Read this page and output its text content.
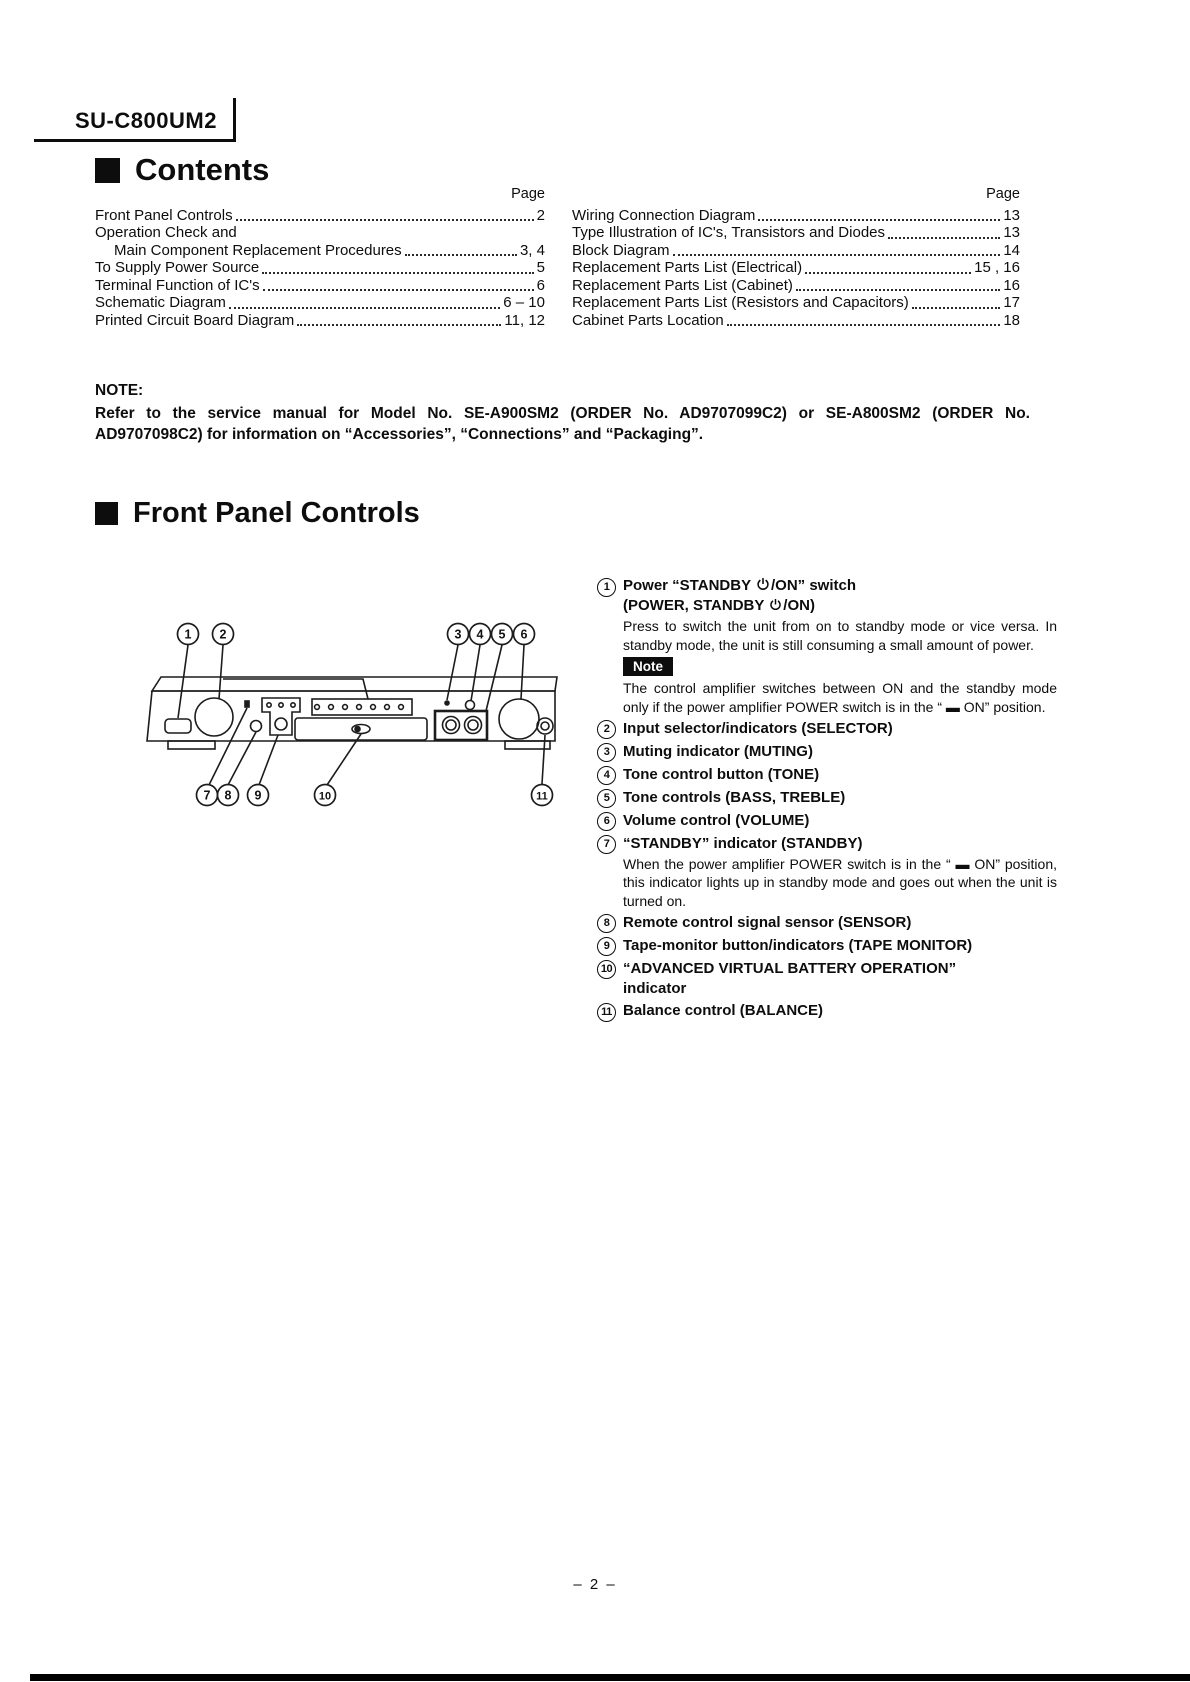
SU-C800UM2
Contents
Page
Front Panel Controls	2
Operation Check and
Main Component Replacement Procedures	3, 4
To Supply Power Source	5
Terminal Function of IC's	6
Schematic Diagram	6 – 10
Printed Circuit Board Diagram	11, 12
Page
Wiring Connection Diagram	13
Type Illustration of IC's, Transistors and Diodes	13
Block Diagram	14
Replacement Parts List (Electrical)	15 , 16
Replacement Parts List (Cabinet)	16
Replacement Parts List (Resistors and Capacitors)	17
Cabinet Parts Location	18
NOTE:
Refer to the service manual for Model No. SE-A900SM2 (ORDER No. AD9707099C2) or SE-A800SM2 (ORDER No. AD9707098C2) for information on “Accessories”, “Connections” and “Packaging”.
Front Panel Controls
1 2	3 4 5 6
7 8 9	10	11
1 Power “STANDBY /ON” switch
(POWER, STANDBY /ON)
Press to switch the unit from on to standby mode or vice versa. In standby mode, the unit is still consuming a small amount of power.
Note
The control amplifier switches between ON and the standby mode only if the power amplifier POWER switch is in the “ ▬ ON” position.
2 Input selector/indicators (SELECTOR)
3 Muting indicator (MUTING)
4 Tone control button (TONE)
5 Tone controls (BASS, TREBLE)
6 Volume control (VOLUME)
7 “STANDBY” indicator (STANDBY)
When the power amplifier POWER switch is in the “ ▬ ON” position, this indicator lights up in standby mode and goes out when the unit is turned on.
8 Remote control signal sensor (SENSOR)
9 Tape-monitor button/indicators (TAPE MONITOR)
10 “ADVANCED VIRTUAL BATTERY OPERATION”
indicator
11 Balance control (BALANCE)
– 2 –
